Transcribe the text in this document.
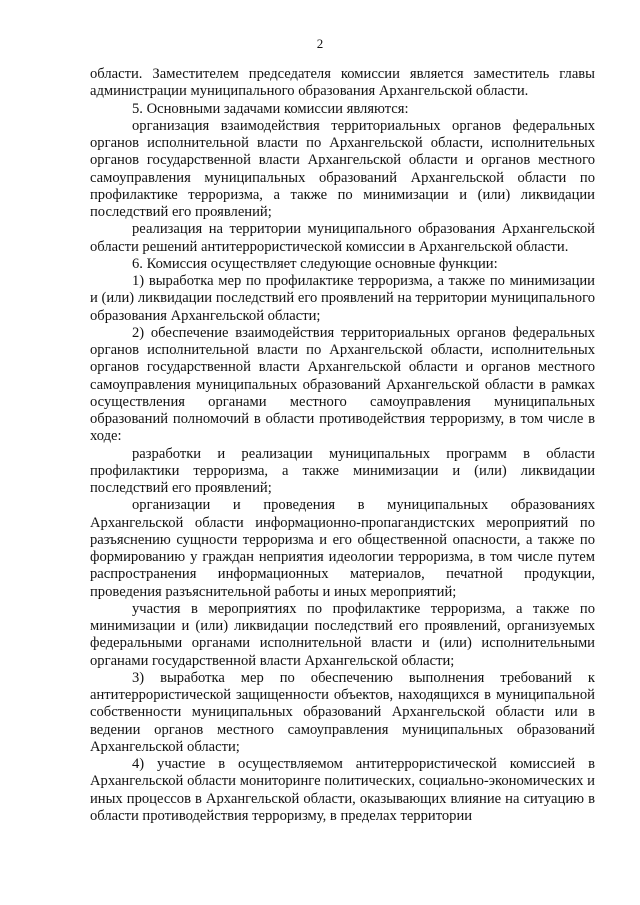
2

области. Заместителем председателя комиссии является заместитель главы администрации муниципального образования Архангельской области.

5. Основными задачами комиссии являются:

организация взаимодействия территориальных органов федеральных органов исполнительной власти по Архангельской области, исполнительных органов государственной власти Архангельской области и органов местного самоуправления муниципальных образований Архангельской области по профилактике терроризма, а также по минимизации и (или) ликвидации последствий его проявлений;

реализация на территории муниципального образования Архангельской области решений антитеррористической комиссии в Архангельской области.

6. Комиссия осуществляет следующие основные функции:

1) выработка мер по профилактике терроризма, а также по минимизации и (или) ликвидации последствий его проявлений на территории муниципального образования Архангельской области;

2) обеспечение взаимодействия территориальных органов федеральных органов исполнительной власти по Архангельской области, исполнительных органов государственной власти Архангельской области и органов местного самоуправления муниципальных образований Архангельской области в рамках осуществления органами местного самоуправления муниципальных образований полномочий в области противодействия терроризму, в том числе в ходе:

разработки и реализации муниципальных программ в области профилактики терроризма, а также минимизации и (или) ликвидации последствий его проявлений;

организации и проведения в муниципальных образованиях Архангельской области информационно-пропагандистских мероприятий по разъяснению сущности терроризма и его общественной опасности, а также по формированию у граждан неприятия идеологии терроризма, в том числе путем распространения информационных материалов, печатной продукции, проведения разъяснительной работы и иных мероприятий;

участия в мероприятиях по профилактике терроризма, а также по минимизации и (или) ликвидации последствий его проявлений, организуемых федеральными органами исполнительной власти и (или) исполнительными органами государственной власти Архангельской области;

3) выработка мер по обеспечению выполнения требований к антитеррористической защищенности объектов, находящихся в муниципальной собственности муниципальных образований Архангельской области или в ведении органов местного самоуправления муниципальных образований Архангельской области;

4) участие в осуществляемом антитеррористической комиссией в Архангельской области мониторинге политических, социально-экономических и иных процессов в Архангельской области, оказывающих влияние на ситуацию в области противодействия терроризму, в пределах территории
